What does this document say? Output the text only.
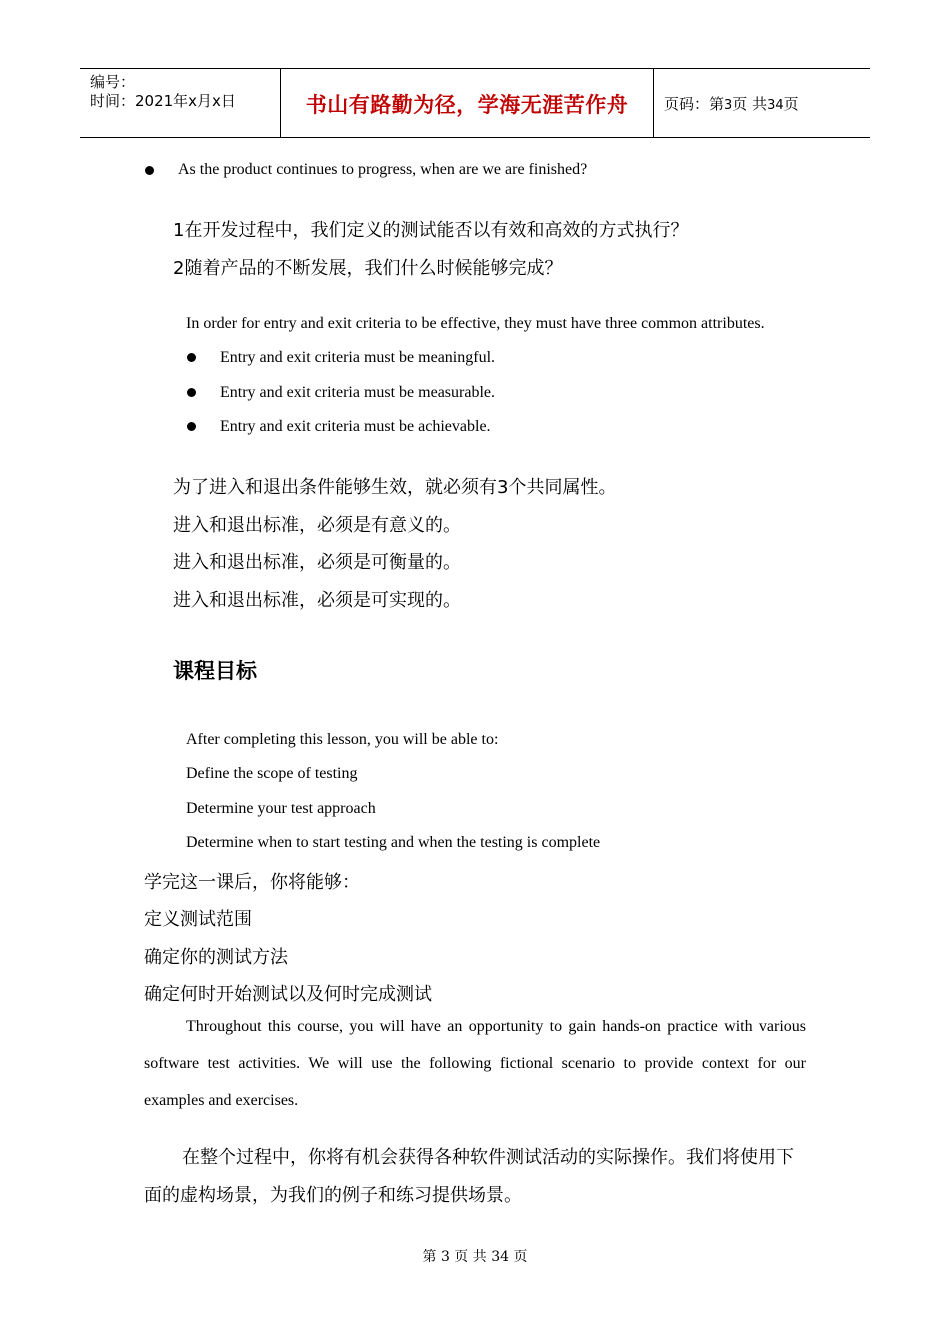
编号：
时间：2021年x月x日	书山有路勤为径，学海无涯苦作舟	页码：第3页 共34页
As the product continues to progress, when are we are finished?
1在开发过程中，我们定义的测试能否以有效和高效的方式执行？
2随着产品的不断发展，我们什么时候能够完成？
In order for entry and exit criteria to be effective, they must have three common attributes.
Entry and exit criteria must be meaningful.
Entry and exit criteria must be measurable.
Entry and exit criteria must be achievable.
为了进入和退出条件能够生效，就必须有3个共同属性。
进入和退出标准，必须是有意义的。
进入和退出标准，必须是可衡量的。
进入和退出标准，必须是可实现的。
课程目标
After completing this lesson, you will be able to:
Define the scope of testing
Determine your test approach
Determine when to start testing and when the testing is complete
学完这一课后，你将能够：
定义测试范围
确定你的测试方法
确定何时开始测试以及何时完成测试
Throughout this course, you will have an opportunity to gain hands-on practice with various software test activities. We will use the following fictional scenario to provide context for our examples and exercises.
在整个过程中，你将有机会获得各种软件测试活动的实际操作。我们将使用下面的虚构场景，为我们的例子和练习提供场景。
第 3 页 共 34 页
